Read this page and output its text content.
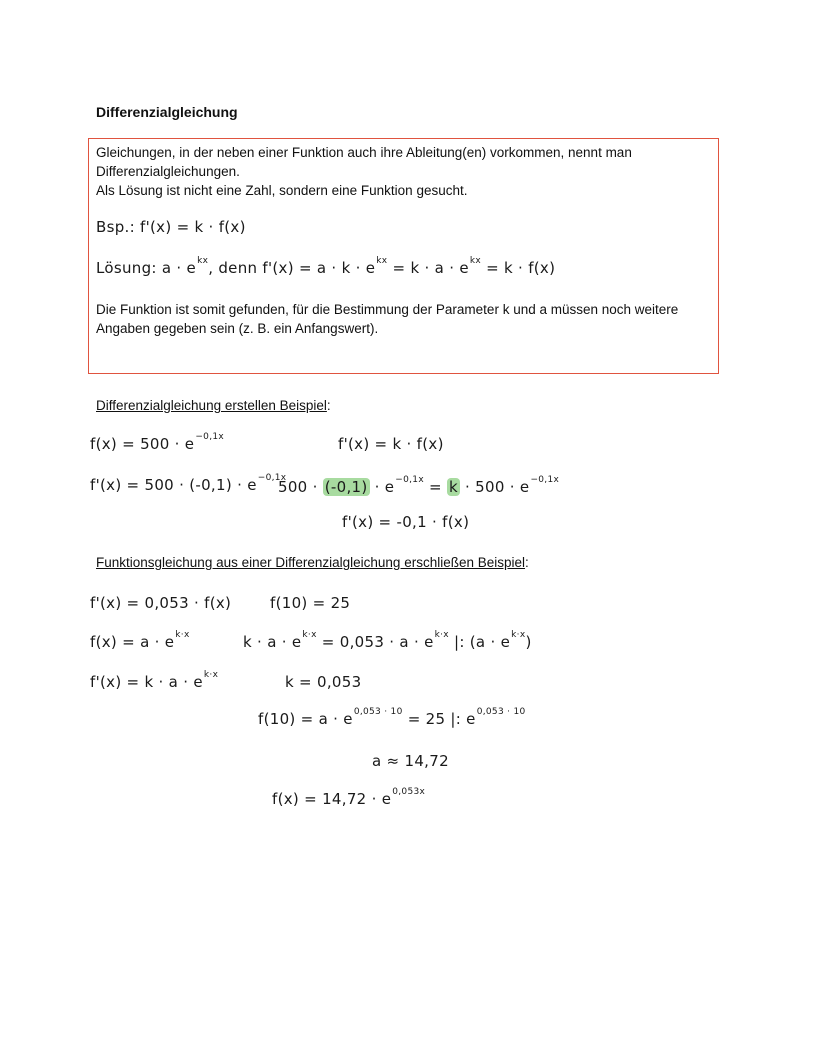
Differenzialgleichung
Gleichungen, in der neben einer Funktion auch ihre Ableitung(en) vorkommen, nennt man
Differenzialgleichungen.
Als Lösung ist nicht eine Zahl, sondern eine Funktion gesucht.
Bsp.: f'(x) = k · f(x)
Lösung: $a \cdot e^{kx}$, denn $f'(x) = a \cdot k \cdot e^{kx} = k \cdot a \cdot e^{kx} = k \cdot f(x)$
Die Funktion ist somit gefunden, für die Bestimmung der Parameter k und a müssen noch weitere
Angaben gegeben sein (z. B. ein Anfangswert).
Differenzialgleichung erstellen Beispiel:
$f(x) = 500 \cdot e^{-0,1x}$	f'(x) = k · f(x)
$f'(x) = 500 \cdot (-0,1) \cdot e^{-0,1x}$
$500 \cdot (-0,1) \cdot e^{-0,1x} = k \cdot 500 \cdot e^{-0,1x}$
f'(x) = -0,1 · f(x)
Funktionsgleichung aus einer Differenzialgleichung erschließen Beispiel:
f'(x) = 0,053 · f(x)	f(10) = 25
$f(x) = a \cdot e^{k\cdot x}$	$k \cdot a \cdot e^{k\cdot x} = 0,053 \cdot a \cdot e^{k\cdot x}$ |: $(a \cdot e^{k\cdot x})$
$f'(x) = k \cdot a \cdot e^{k\cdot x}$	k = 0,053
$f(10) = a \cdot e^{0,053 \cdot 10} = 25$ |: $e^{0,053 \cdot 10}$
a ≈ 14,72
$f(x) = 14,72 \cdot e^{0,053x}$
